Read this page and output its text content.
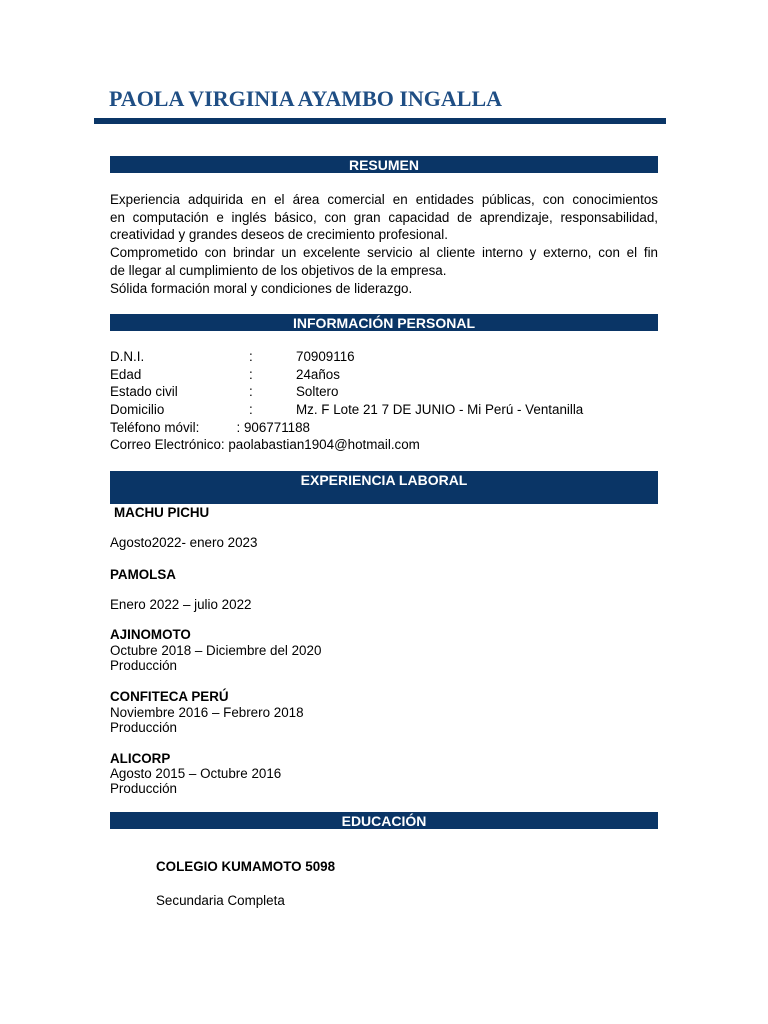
PAOLA VIRGINIA AYAMBO INGALLA
RESUMEN
Experiencia adquirida en el área comercial en entidades públicas, con conocimientos
en computación e inglés básico, con gran capacidad de aprendizaje, responsabilidad,
creatividad y grandes deseos de crecimiento profesional.
Comprometido con brindar un excelente servicio al cliente interno y externo, con el fin
de llegar al cumplimiento de los objetivos de la empresa.
Sólida formación moral y condiciones de liderazgo.
INFORMACIÓN PERSONAL
D.N.I.	:	70909116
Edad	:	24años
Estado civil	:	Soltero
Domicilio	:	Mz. F Lote 21 7 DE JUNIO - Mi Perú - Ventanilla
Teléfono móvil:          : 906771188
Correo Electrónico: paolabastian1904@hotmail.com
EXPERIENCIA LABORAL
MACHU PICHU
Agosto2022- enero 2023
PAMOLSA
Enero 2022 – julio 2022
AJINOMOTO
Octubre 2018 – Diciembre del 2020
Producción
CONFITECA PERÚ
Noviembre 2016 – Febrero 2018
Producción
ALICORP
Agosto 2015 – Octubre 2016
Producción
EDUCACIÓN
COLEGIO KUMAMOTO 5098
Secundaria Completa
